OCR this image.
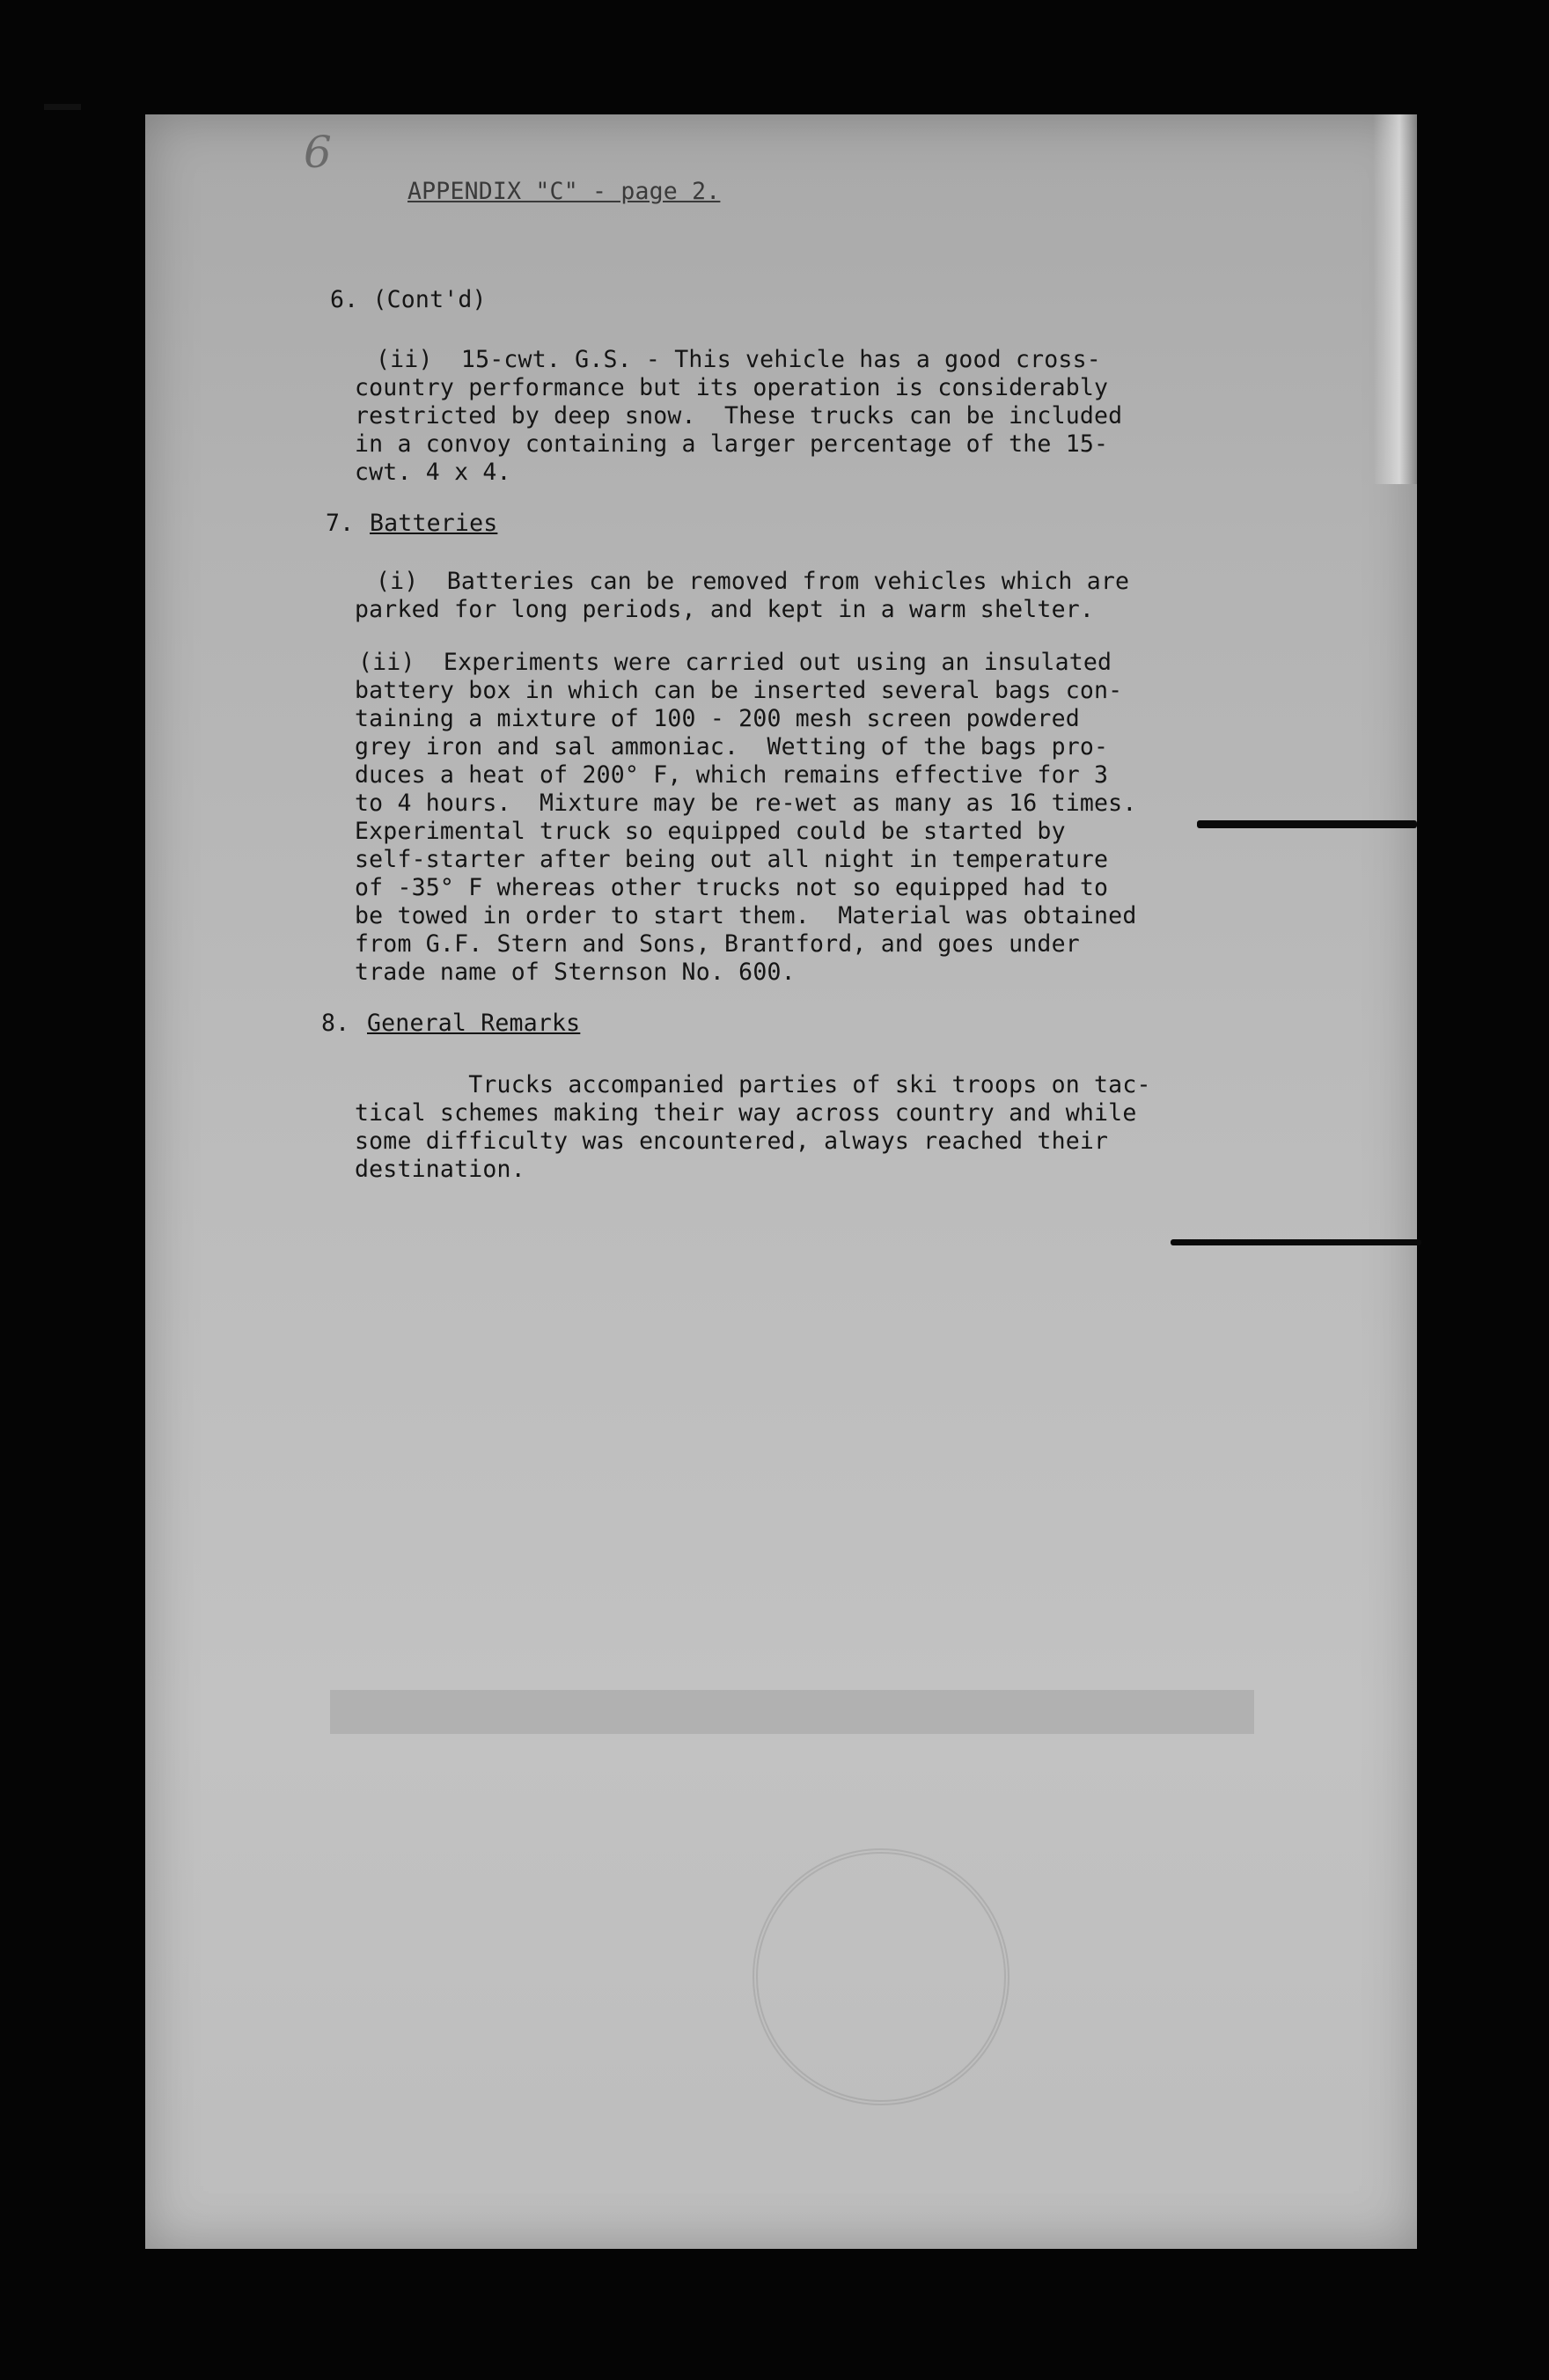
6
APPENDIX "C" - page 2.
6. (Cont'd)
(ii)  15-cwt. G.S. - This vehicle has a good cross-
country performance but its operation is considerably
restricted by deep snow.  These trucks can be included
in a convoy containing a larger percentage of the 15-
cwt. 4 x 4.
7. Batteries
(i)  Batteries can be removed from vehicles which are
parked for long periods, and kept in a warm shelter.
(ii)  Experiments were carried out using an insulated
battery box in which can be inserted several bags con-
taining a mixture of 100 - 200 mesh screen powdered
grey iron and sal ammoniac.  Wetting of the bags pro-
duces a heat of 200° F, which remains effective for 3
to 4 hours.  Mixture may be re-wet as many as 16 times.
Experimental truck so equipped could be started by
self-starter after being out all night in temperature
of -35° F whereas other trucks not so equipped had to
be towed in order to start them.  Material was obtained
from G.F. Stern and Sons, Brantford, and goes under
trade name of Sternson No. 600.
8. General Remarks
Trucks accompanied parties of ski troops on tac-
tical schemes making their way across country and while
some difficulty was encountered, always reached their
destination.
